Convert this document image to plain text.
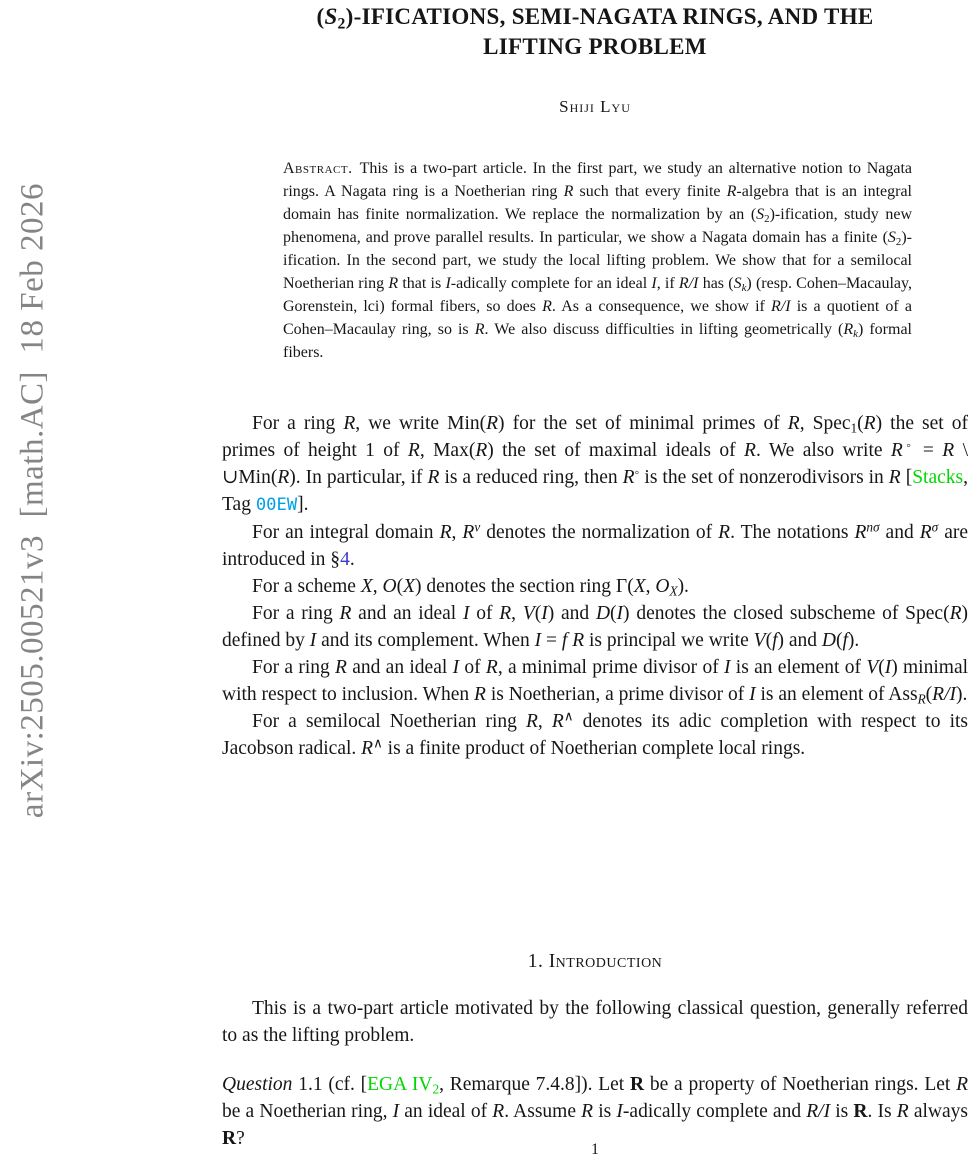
arXiv:2505.00521v3  [math.AC]  18 Feb 2026
(S2)-IFICATIONS, SEMI-NAGATA RINGS, AND THE LIFTING PROBLEM
Shiji Lyu
Abstract. This is a two-part article. In the first part, we study an alternative notion to Nagata rings. A Nagata ring is a Noetherian ring R such that every finite R-algebra that is an integral domain has finite normalization. We replace the normalization by an (S2)-ification, study new phenomena, and prove parallel results. In particular, we show a Nagata domain has a finite (S2)-ification. In the second part, we study the local lifting problem. We show that for a semilocal Noetherian ring R that is I-adically complete for an ideal I, if R/I has (Sk) (resp. Cohen–Macaulay, Gorenstein, lci) formal fibers, so does R. As a consequence, we show if R/I is a quotient of a Cohen–Macaulay ring, so is R. We also discuss difficulties in lifting geometrically (Rk) formal fibers.

For a ring R, we write Min(R) for the set of minimal primes of R, Spec1(R) the set of primes of height 1 of R, Max(R) the set of maximal ideals of R. We also write R◦ = R \ ∪Min(R). In particular, if R is a reduced ring, then R◦ is the set of nonzerodivisors in R [Stacks, Tag 00EW].

For an integral domain R, $R^\nu$ denotes the normalization of R. The notations $R^{n\sigma}$ and $R^\sigma$ are introduced in §4.

For a scheme X, O(X) denotes the section ring Γ(X, OX).

For a ring R and an ideal I of R, V(I) and D(I) denotes the closed subscheme of Spec(R) defined by I and its complement. When I = f R is principal we write V(f) and D(f).

For a ring R and an ideal I of R, a minimal prime divisor of I is an element of V(I) minimal with respect to inclusion. When R is Noetherian, a prime divisor of I is an element of AssR(R/I).

For a semilocal Noetherian ring R, R∧ denotes its adic completion with respect to its Jacobson radical. R∧ is a finite product of Noetherian complete local rings.

1. Introduction

This is a two-part article motivated by the following classical question, generally referred to as the lifting problem.

Question 1.1 (cf. [EGA IV2, Remarque 7.4.8]). Let R be a property of Noetherian rings. Let R be a Noetherian ring, I an ideal of R. Assume R is I-adically complete and R/I is R. Is R always R?

1
